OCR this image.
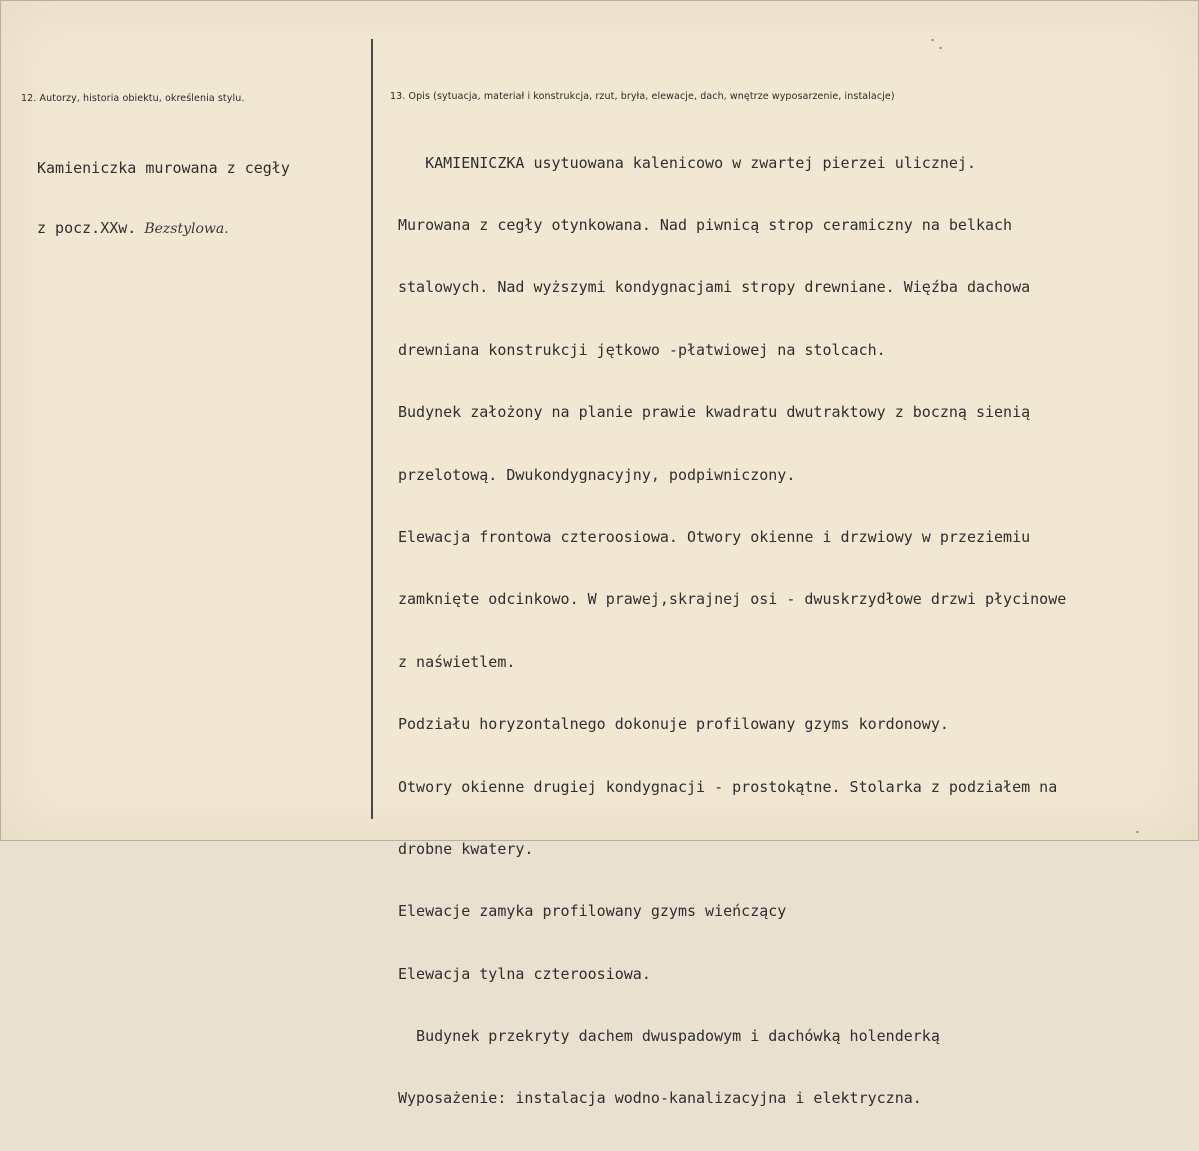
12. Autorzy, historia obiektu, określenia stylu.	13. Opis (sytuacja, materiał i konstrukcja, rzut, bryła, elewacje, dach, wnętrze wyposarzenie, instalacje)

Kamieniczka murowana z cegły

z pocz.XXw. Bezstylowa.

KAMIENICZKA usytuowana kalenicowo w zwartej pierzei ulicznej.

Murowana z cegły otynkowana. Nad piwnicą strop ceramiczny na belkach

stalowych. Nad wyższymi kondygnacjami stropy drewniane. Więźba dachowa

drewniana konstrukcji jętkowo -płatwiowej na stolcach.

Budynek założony na planie prawie kwadratu dwutraktowy z boczną sienią

przelotową. Dwukondygnacyjny, podpiwniczony.

Elewacja frontowa czteroosiowa. Otwory okienne i drzwiowy w przeziemiu

zamknięte odcinkowo. W prawej,skrajnej osi - dwuskrzydłowe drzwi płycinowe

z naświetlem.

Podziału horyzontalnego dokonuje profilowany gzyms kordonowy.

Otwory okienne drugiej kondygnacji - prostokątne. Stolarka z podziałem na

drobne kwatery.

Elewacje zamyka profilowany gzyms wieńczący

Elewacja tylna czteroosiowa.

Budynek przekryty dachem dwuspadowym i dachówką holenderką

Wyposażenie: instalacja wodno-kanalizacyjna i elektryczna.
